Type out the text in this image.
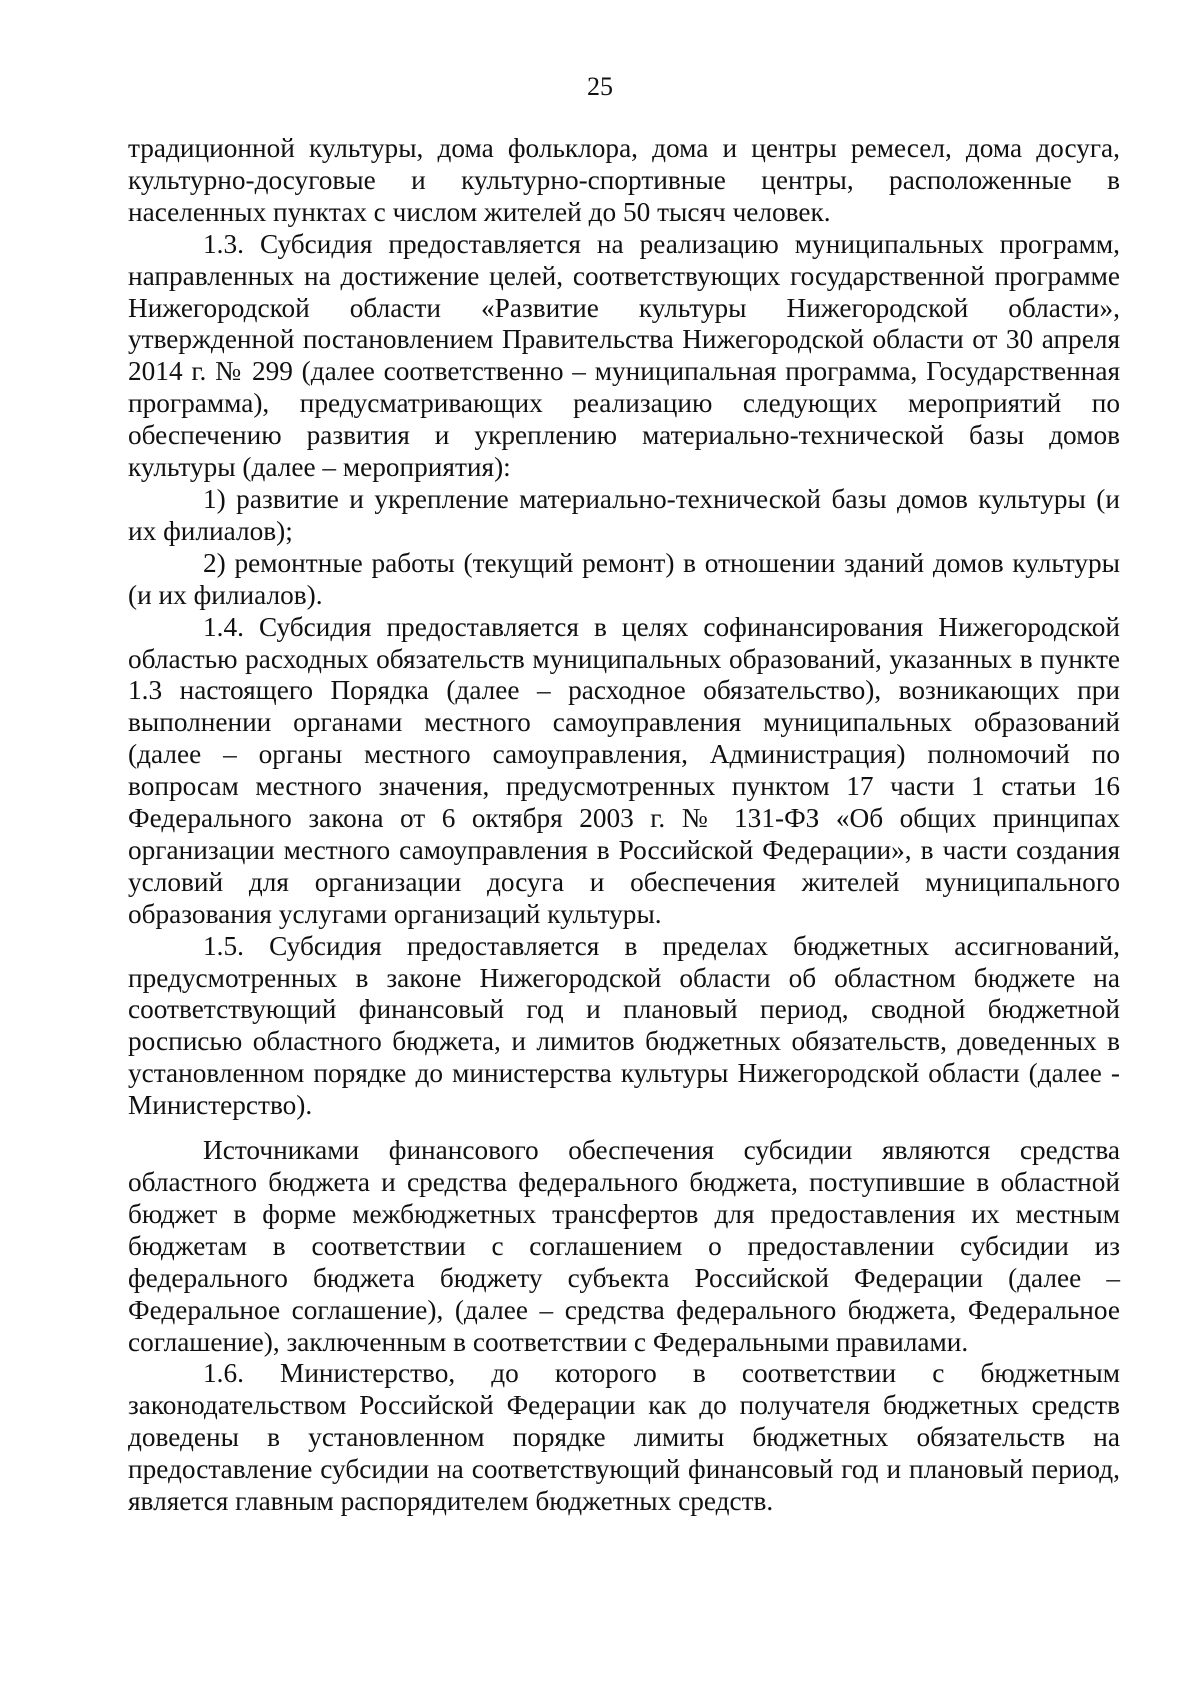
25

традиционной культуры, дома фольклора, дома и центры ремесел, дома досуга, культурно-досуговые и культурно-спортивные центры, расположенные в населенных пунктах с числом жителей до 50 тысяч человек.

1.3. Субсидия предоставляется на реализацию муниципальных программ, направленных на достижение целей, соответствующих государственной программе Нижегородской области «Развитие культуры Нижегородской области», утвержденной постановлением Правительства Нижегородской области от 30 апреля 2014 г. № 299 (далее соответственно – муниципальная программа, Государственная программа), предусматривающих реализацию следующих мероприятий по обеспечению развития и укреплению материально-технической базы домов культуры (далее – мероприятия):

1) развитие и укрепление материально-технической базы домов культуры (и их филиалов);

2) ремонтные работы (текущий ремонт) в отношении зданий домов культуры (и их филиалов).

1.4. Субсидия предоставляется в целях софинансирования Нижегородской областью расходных обязательств муниципальных образований, указанных в пункте 1.3 настоящего Порядка (далее – расходное обязательство), возникающих при выполнении органами местного самоуправления муниципальных образований (далее – органы местного самоуправления, Администрация) полномочий по вопросам местного значения, предусмотренных пунктом 17 части 1 статьи 16 Федерального закона от 6 октября 2003 г. № 131-ФЗ «Об общих принципах организации местного самоуправления в Российской Федерации», в части создания условий для организации досуга и обеспечения жителей муниципального образования услугами организаций культуры.

1.5. Субсидия предоставляется в пределах бюджетных ассигнований, предусмотренных в законе Нижегородской области об областном бюджете на соответствующий финансовый год и плановый период, сводной бюджетной росписью областного бюджета, и лимитов бюджетных обязательств, доведенных в установленном порядке до министерства культуры Нижегородской области (далее - Министерство).

Источниками финансового обеспечения субсидии являются средства областного бюджета и средства федерального бюджета, поступившие в областной бюджет в форме межбюджетных трансфертов для предоставления их местным бюджетам в соответствии с соглашением о предоставлении субсидии из федерального бюджета бюджету субъекта Российской Федерации (далее – Федеральное соглашение), (далее – средства федерального бюджета, Федеральное соглашение), заключенным в соответствии с Федеральными правилами.

1.6. Министерство, до которого в соответствии с бюджетным законодательством Российской Федерации как до получателя бюджетных средств доведены в установленном порядке лимиты бюджетных обязательств на предоставление субсидии на соответствующий финансовый год и плановый период, является главным распорядителем бюджетных средств.
